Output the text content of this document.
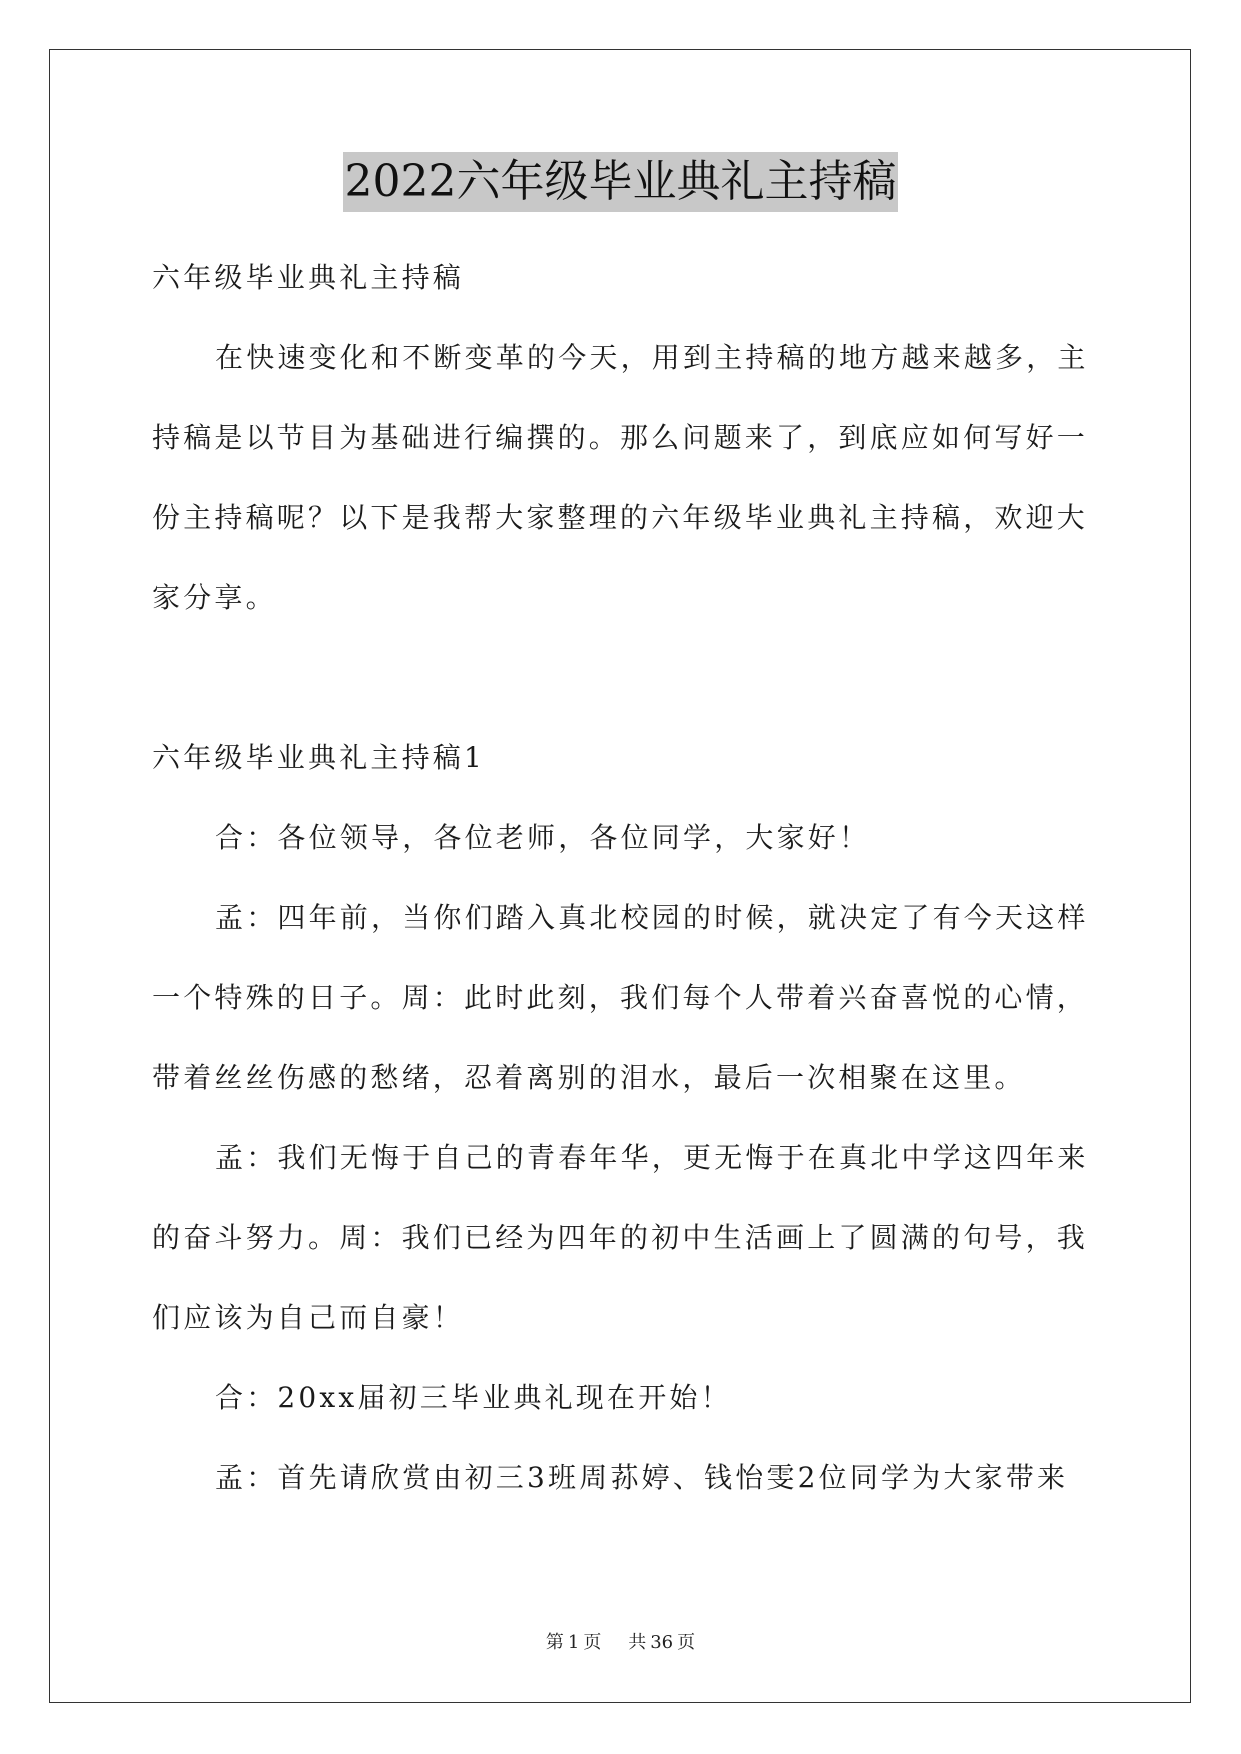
2022六年级毕业典礼主持稿
六年级毕业典礼主持稿
在快速变化和不断变革的今天，用到主持稿的地方越来越多，主
持稿是以节目为基础进行编撰的。那么问题来了，到底应如何写好一
份主持稿呢？以下是我帮大家整理的六年级毕业典礼主持稿，欢迎大
家分享。
六年级毕业典礼主持稿1
合：各位领导，各位老师，各位同学，大家好！
孟：四年前，当你们踏入真北校园的时候，就决定了有今天这样
一个特殊的日子。周：此时此刻，我们每个人带着兴奋喜悦的心情，
带着丝丝伤感的愁绪，忍着离别的泪水，最后一次相聚在这里。
孟：我们无悔于自己的青春年华，更无悔于在真北中学这四年来
的奋斗努力。周：我们已经为四年的初中生活画上了圆满的句号，我
们应该为自己而自豪！
合：20xx届初三毕业典礼现在开始！
孟：首先请欣赏由初三3班周荪婷、钱怡雯2位同学为大家带来
第 1 页 共 36 页
